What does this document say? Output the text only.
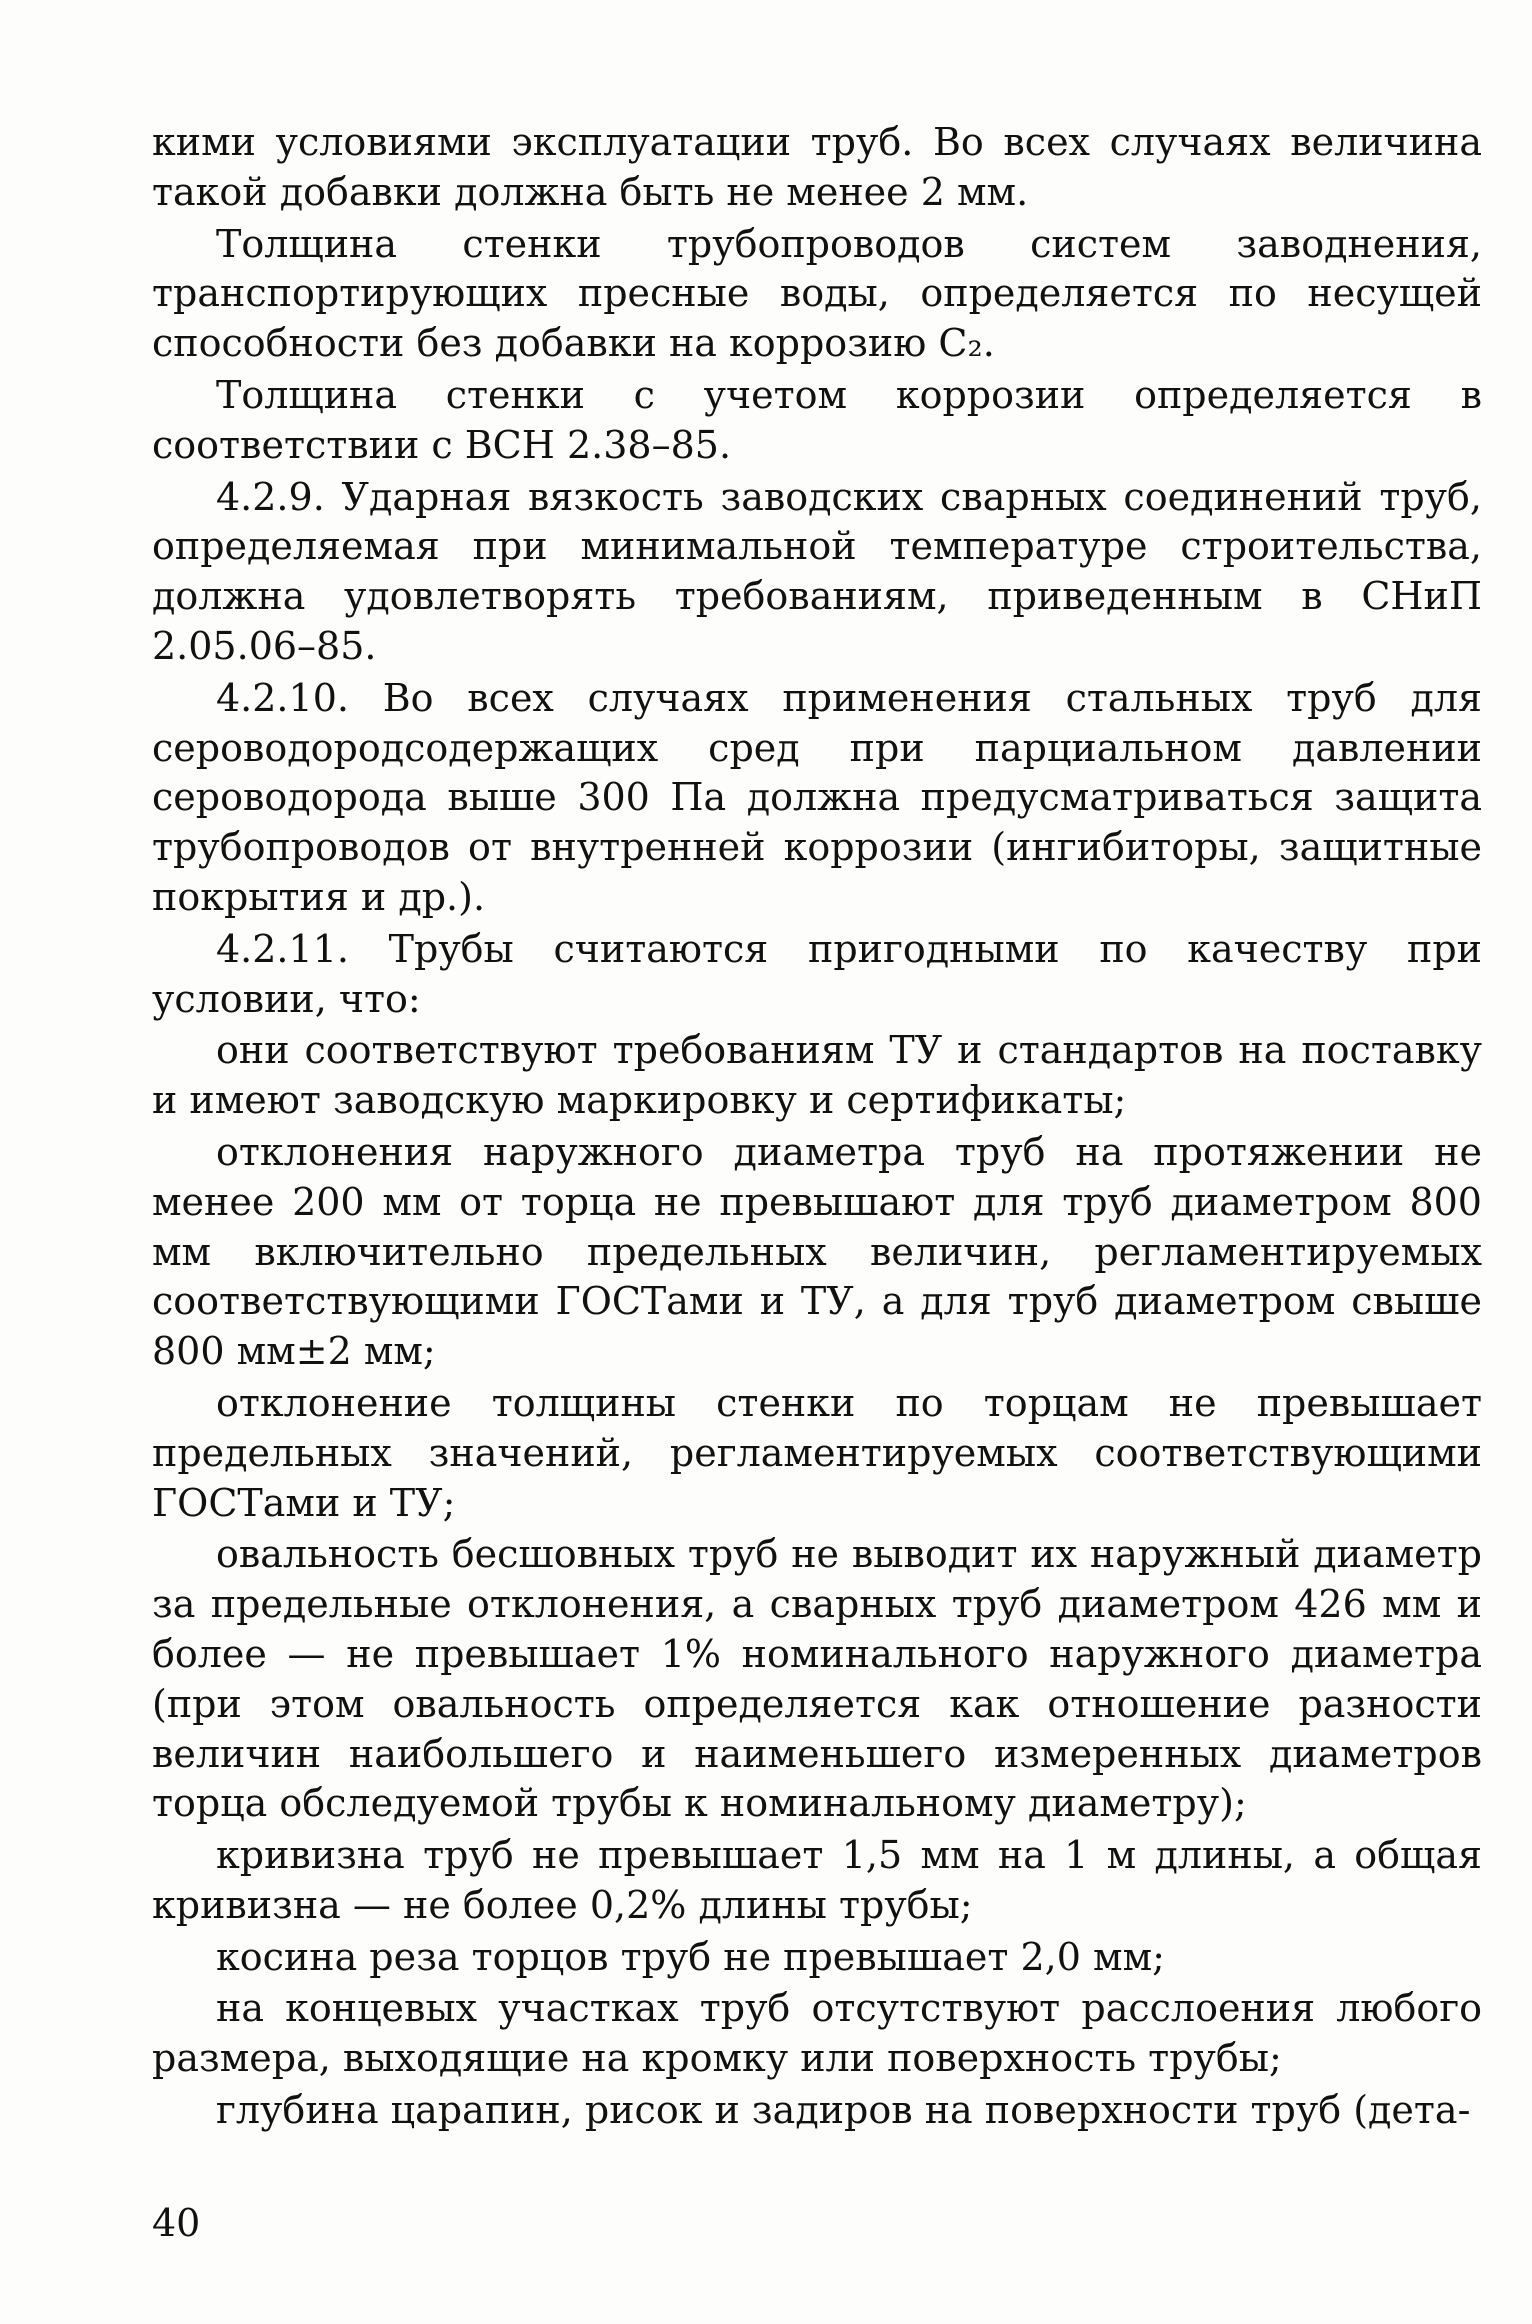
кими условиями эксплуатации труб. Во всех случаях величина такой добавки должна быть не менее 2 мм.

Толщина стенки трубопроводов систем заводнения, транспортирующих пресные воды, определяется по несущей способности без добавки на коррозию C₂.

Толщина стенки с учетом коррозии определяется в соответствии с ВСН 2.38–85.

4.2.9. Ударная вязкость заводских сварных соединений труб, определяемая при минимальной температуре строительства, должна удовлетворять требованиям, приведенным в СНиП 2.05.06–85.

4.2.10. Во всех случаях применения стальных труб для сероводородсодержащих сред при парциальном давлении сероводорода выше 300 Па должна предусматриваться защита трубопроводов от внутренней коррозии (ингибиторы, защитные покрытия и др.).

4.2.11. Трубы считаются пригодными по качеству при условии, что:

они соответствуют требованиям ТУ и стандартов на поставку и имеют заводскую маркировку и сертификаты;

отклонения наружного диаметра труб на протяжении не менее 200 мм от торца не превышают для труб диаметром 800 мм включительно предельных величин, регламентируемых соответствующими ГОСТами и ТУ, а для труб диаметром свыше 800 мм±2 мм;

отклонение толщины стенки по торцам не превышает предельных значений, регламентируемых соответствующими ГОСТами и ТУ;

овальность бесшовных труб не выводит их наружный диаметр за предельные отклонения, а сварных труб диаметром 426 мм и более — не превышает 1% номинального наружного диаметра (при этом овальность определяется как отношение разности величин наибольшего и наименьшего измеренных диаметров торца обследуемой трубы к номинальному диаметру);

кривизна труб не превышает 1,5 мм на 1 м длины, а общая кривизна — не более 0,2% длины трубы;

косина реза торцов труб не превышает 2,0 мм;

на концевых участках труб отсутствуют расслоения любого размера, выходящие на кромку или поверхность трубы;

глубина царапин, рисок и задиров на поверхности труб (дета-

40
